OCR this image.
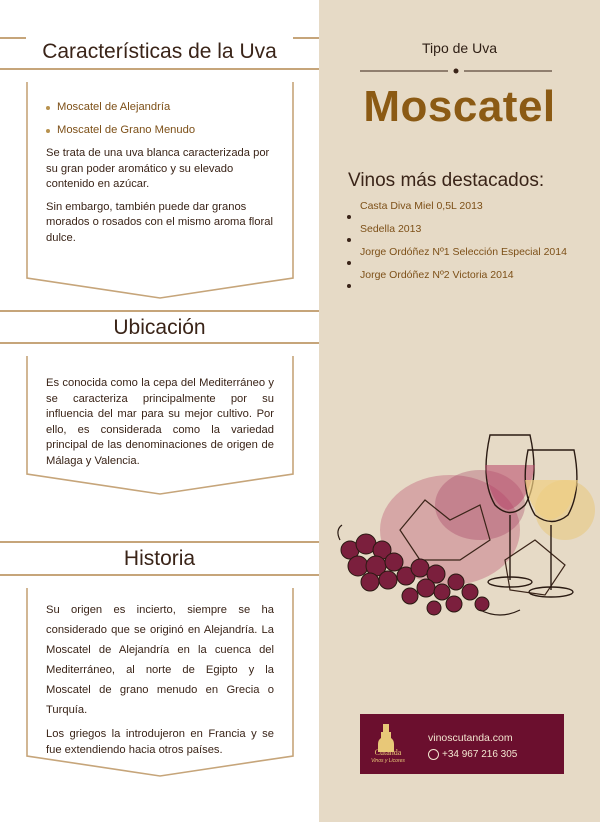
Características de la Uva
Moscatel de Alejandría
Moscatel de Grano Menudo

Se trata de una uva blanca caracterizada por su gran poder aromático y su elevado contenido en azúcar.

Sin embargo, también puede dar granos morados o rosados con el mismo aroma floral dulce.

Ubicación

Es conocida como la cepa del Mediterráneo y se caracteriza principalmente por su influencia del mar para su mejor cultivo. Por ello, es considerada como la variedad principal de las denominaciones de origen de Málaga y Valencia.

Historia

Su origen es incierto, siempre se ha considerado que se originó en Alejandría. La Moscatel de Alejandría en la cuenca del Mediterráneo, al norte de Egipto y la Moscatel de grano menudo en Grecia o Turquía.

Los griegos la introdujeron en Francia y se fue extendiendo hacia otros países.

Tipo de Uva
Moscatel
Vinos más destacados:
Casta Diva Miel 0,5L 2013
Sedella 2013
Jorge Ordóñez Nº1 Selección Especial 2014
Jorge Ordóñez Nº2 Victoria 2014
Cutanda
Vinos y Licores
vinoscutanda.com
+34 967 216 305
